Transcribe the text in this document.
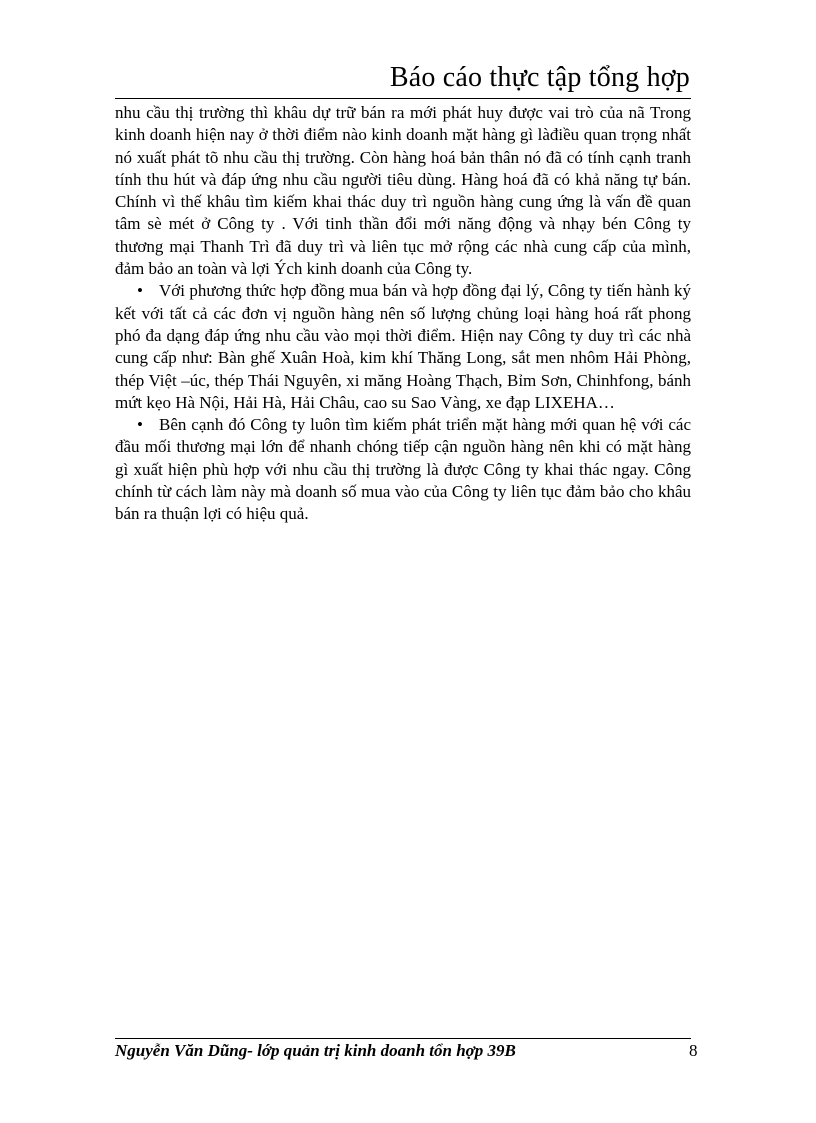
Báo cáo thực tập tổng hợp

nhu cầu thị trường thì khâu dự trữ bán ra mới phát huy được vai trò của nã Trong kinh doanh hiện nay ở thời điểm nào kinh doanh mặt hàng gì làđiều quan trọng nhất nó xuất phát tõ nhu cầu thị trường. Còn hàng hoá bản thân nó đã có tính cạnh tranh tính thu hút và đáp ứng nhu cầu người tiêu dùng. Hàng hoá đã có khả năng tự bán. Chính vì thế khâu tìm kiếm khai thác duy trì nguồn hàng cung ứng là vấn đề quan tâm sè mét ở Công ty . Với tinh thần đổi mới năng động và nhạy bén Công ty thương mại Thanh Trì đã duy trì và liên tục mở rộng các nhà cung cấp của mình, đảm bảo an toàn và lợi Ých kinh doanh của Công ty.

• Với phương thức hợp đồng mua bán và hợp đồng đại lý, Công ty tiến hành ký kết với tất cả các đơn vị nguồn hàng nên số lượng chủng loại hàng hoá rất phong phó đa dạng đáp ứng nhu cầu vào mọi thời điểm. Hiện nay Công ty duy trì các nhà cung cấp như: Bàn ghế Xuân Hoà, kim khí Thăng Long, sắt men nhôm Hải Phòng, thép Việt –úc, thép Thái Nguyên, xi măng Hoàng Thạch, Bỉm Sơn, Chinhfong, bánh mứt kẹo Hà Nội, Hải Hà, Hải Châu, cao su Sao Vàng, xe đạp LIXEHA…

• Bên cạnh đó Công ty luôn tìm kiếm phát triển mặt hàng mới quan hệ với các đầu mối thương mại lớn để nhanh chóng tiếp cận nguồn hàng nên khi có mặt hàng gì xuất hiện phù hợp với nhu cầu thị trường là được Công ty khai thác ngay. Công chính từ cách làm này mà doanh số mua vào của Công ty liên tục đảm bảo cho khâu bán ra thuận lợi có hiệu quả.

Nguyễn Văn Dũng- lớp quản trị kinh doanh tổn hợp 39B	8
